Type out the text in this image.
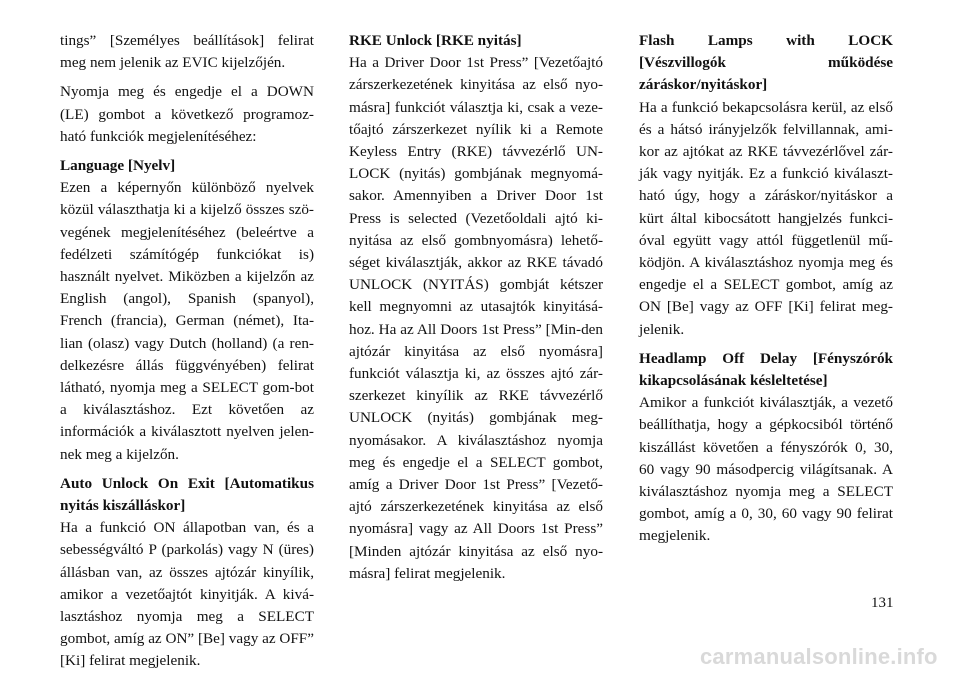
tings” [Személyes beállítások] felirat meg nem jelenik az EVIC kijelzőjén.

Nyomja meg és engedje el a DOWN (LE) gombot a következő programoz-ható funkciók megjelenítéséhez:

Language [Nyelv]

Ezen a képernyőn különböző nyelvek közül választhatja ki a kijelző összes szö-vegének megjelenítéséhez (beleértve a fedélzeti számítógép funkciókat is) használt nyelvet. Miközben a kijelzőn az English (angol), Spanish (spanyol), French (francia), German (német), Ita-lian (olasz) vagy Dutch (holland) (a ren-delkezésre állás függvényében) felirat látható, nyomja meg a SELECT gom-bot a kiválasztáshoz. Ezt követően az információk a kiválasztott nyelven jelen-nek meg a kijelzőn.

Auto Unlock On Exit [Automatikus nyitás kiszálláskor]

Ha a funkció ON állapotban van, és a sebességváltó P (parkolás) vagy N (üres) állásban van, az összes ajtózár kinyílik, amikor a vezetőajtót kinyitják. A kivá-lasztáshoz nyomja meg a SELECT gombot, amíg az ON” [Be] vagy az OFF” [Ki] felirat megjelenik.

RKE Unlock [RKE nyitás]

Ha a Driver Door 1st Press” [Vezetőajtó zárszerkezetének kinyitása az első nyo-másra] funkciót választja ki, csak a veze-tőajtó zárszerkezet nyílik ki a Remote Keyless Entry (RKE) távvezérlő UN-LOCK (nyitás) gombjának megnyomá-sakor. Amennyiben a Driver Door 1st Press is selected (Vezetőoldali ajtó ki-nyitása az első gombnyomásra) lehető-séget kiválasztják, akkor az RKE távadó UNLOCK (NYITÁS) gombját kétszer kell megnyomni az utasajtók kinyitásá-hoz. Ha az All Doors 1st Press” [Min-den ajtózár kinyitása az első nyomásra] funkciót választja ki, az összes ajtó zár-szerkezet kinyílik az RKE távvezérlő UNLOCK (nyitás) gombjának meg-nyomásakor. A kiválasztáshoz nyomja meg és engedje el a SELECT gombot, amíg a Driver Door 1st Press” [Vezető-ajtó zárszerkezetének kinyitása az első nyomásra] vagy az All Doors 1st Press” [Minden ajtózár kinyitása az első nyo-másra] felirat megjelenik.

Flash Lamps with LOCK [Vészvillogók működése záráskor/nyitáskor]

Ha a funkció bekapcsolásra kerül, az első és a hátsó irányjelzők felvillannak, ami-kor az ajtókat az RKE távvezérlővel zár-ják vagy nyitják. Ez a funkció kiválaszt-ható úgy, hogy a záráskor/nyitáskor a kürt által kibocsátott hangjelzés funkci-óval együtt vagy attól függetlenül mű-ködjön. A kiválasztáshoz nyomja meg és engedje el a SELECT gombot, amíg az ON [Be] vagy az OFF [Ki] felirat meg-jelenik.

Headlamp Off Delay [Fényszórók kikapcsolásának késleltetése]

Amikor a funkciót kiválasztják, a vezető beállíthatja, hogy a gépkocsiból történő kiszállást követően a fényszórók 0, 30, 60 vagy 90 másodpercig világítsanak. A kiválasztáshoz nyomja meg a SELECT gombot, amíg a 0, 30, 60 vagy 90 felirat megjelenik.

131
carmanualsonline.info
